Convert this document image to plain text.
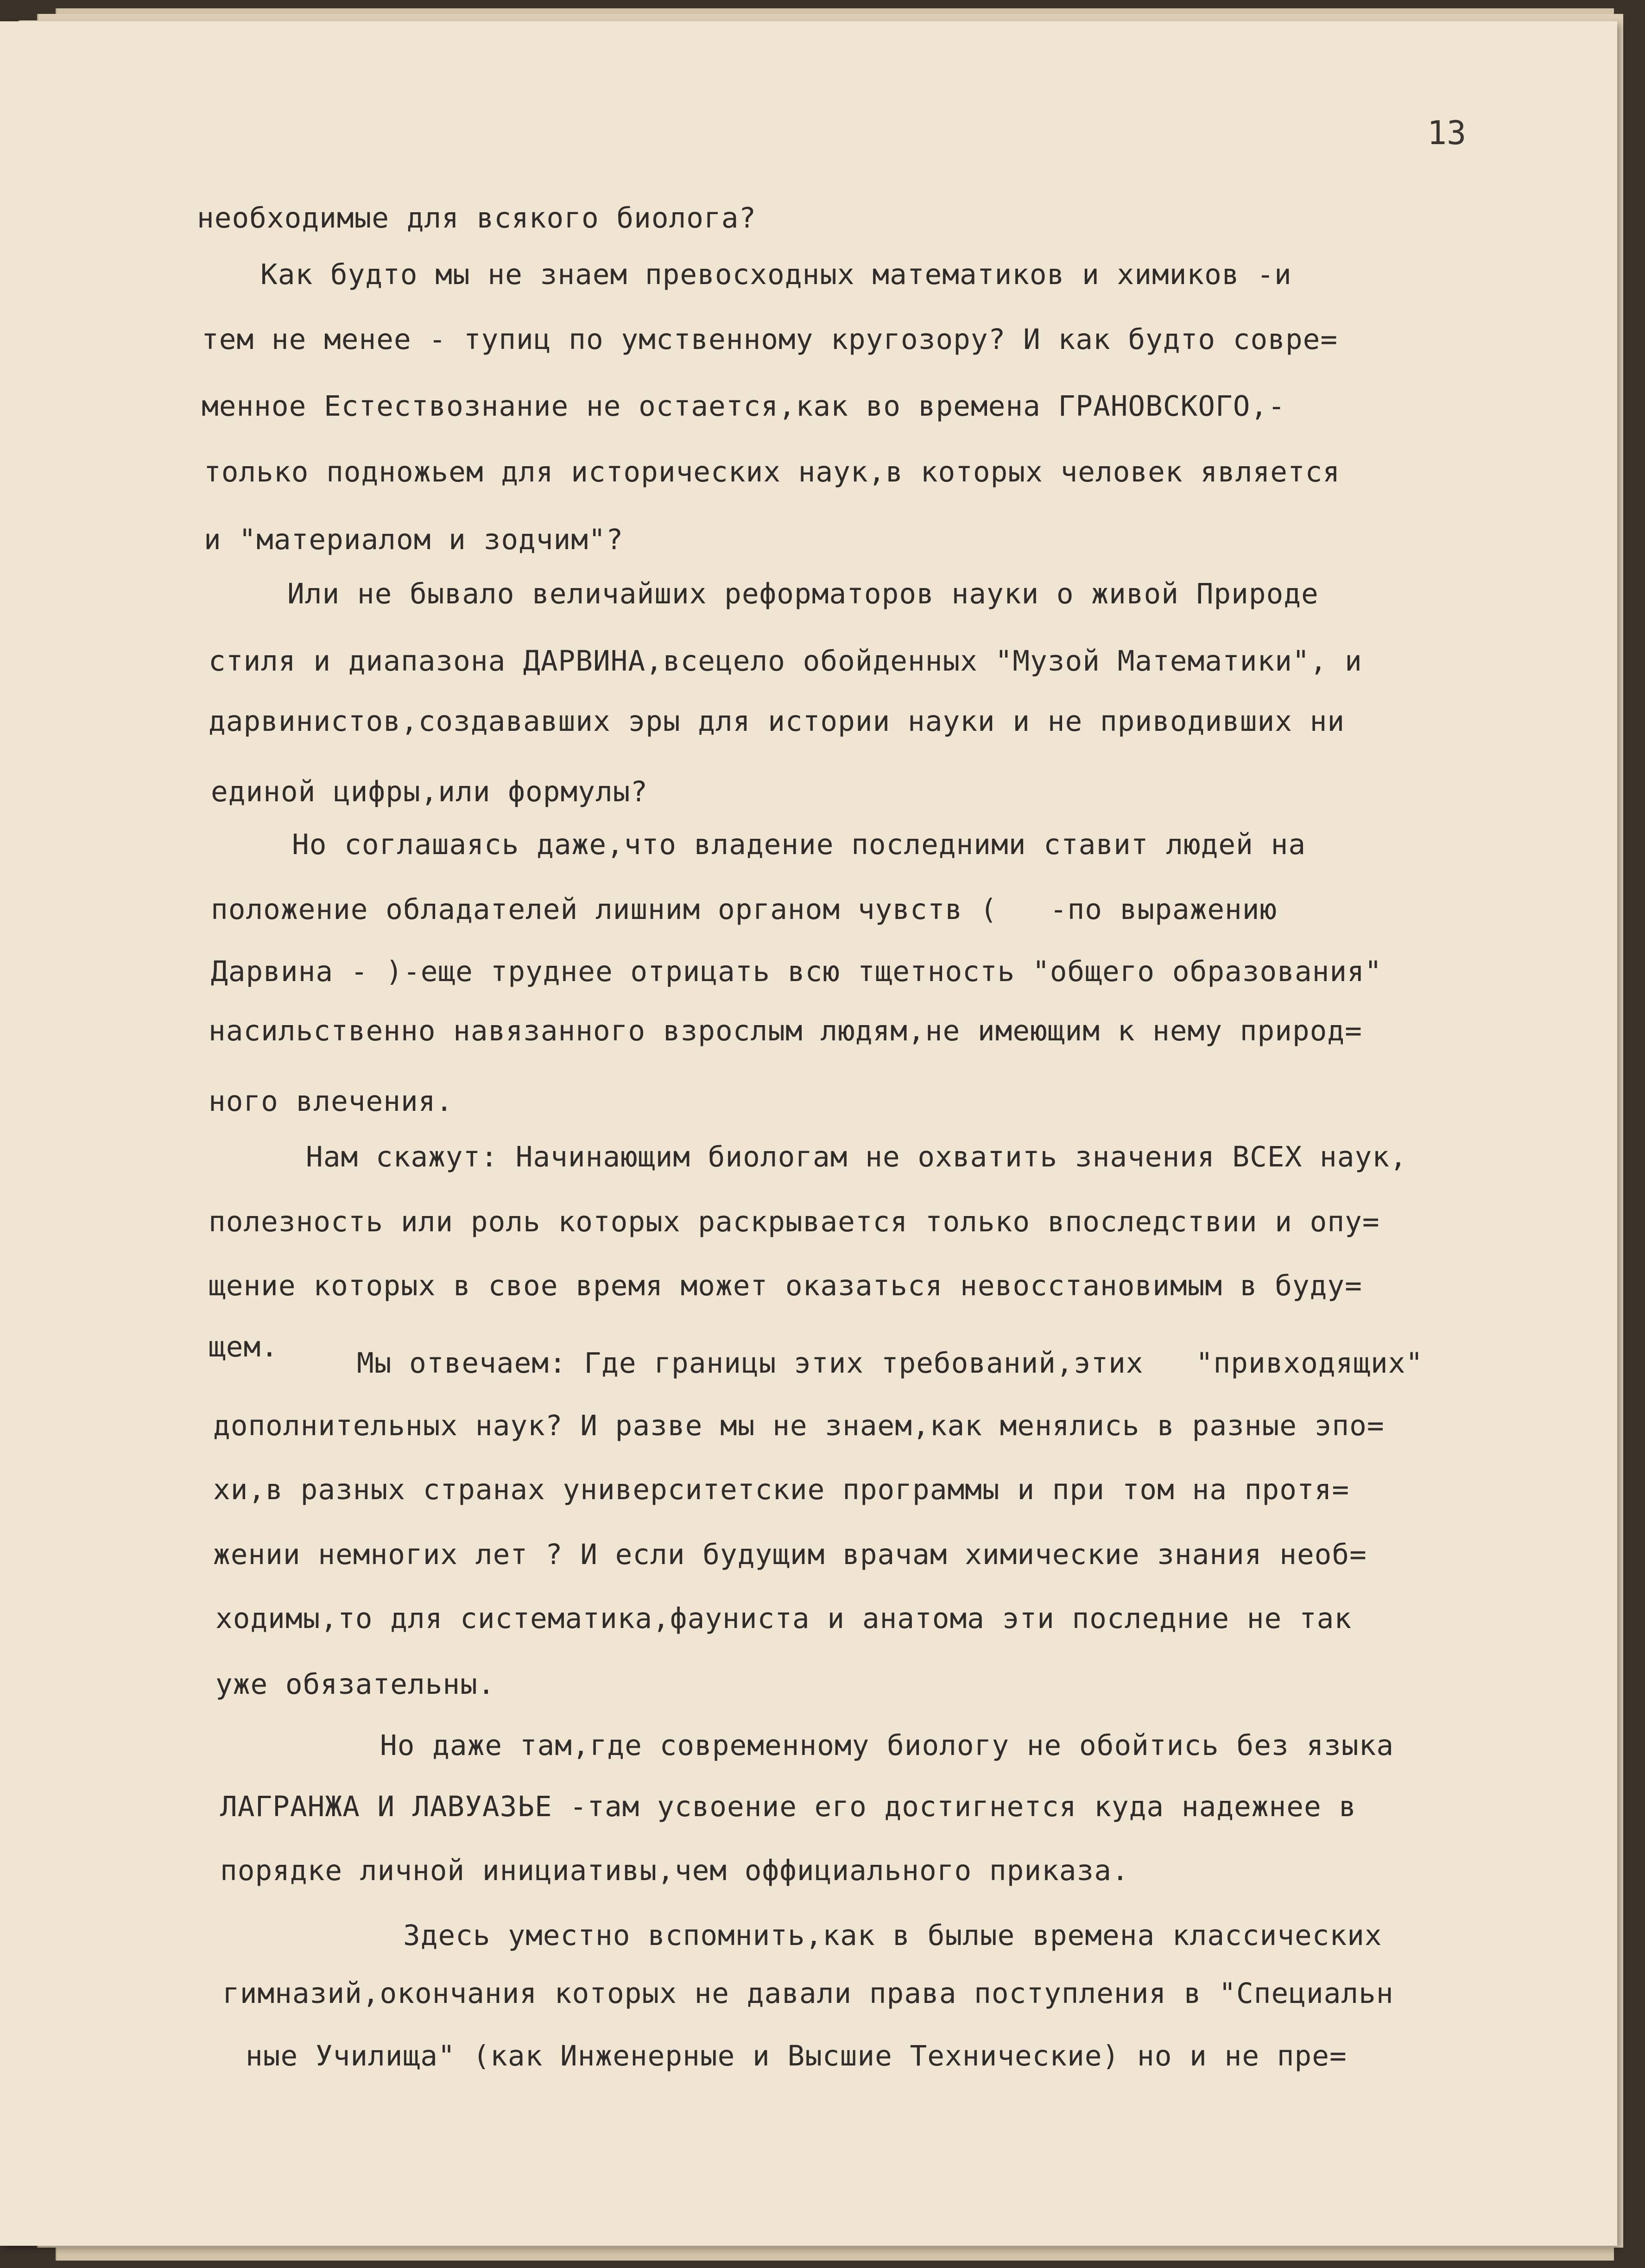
13
необходимые для всякого биолога?
Как будто мы не знаем превосходных математиков и химиков -и
тем не менее - тупиц по умственному кругозору? И как будто совре=
менное Естествознание не остается,как во времена ГРАНОВСКОГО,-
только подножьем для исторических наук,в которых человек является
и "материалом и зодчим"?
Или не бывало величайших реформаторов науки о живой Природе
стиля и диапазона ДАРВИНА,всецело обойденных "Музой Математики", и
дарвинистов,создававших эры для истории науки и не приводивших ни
единой цифры,или формулы?
Но соглашаясь даже,что владение последними ставит людей на
положение обладателей лишним органом чувств (   -по выражению
Дарвина - )-еще труднее отрицать всю тщетность "общего образования"
насильственно навязанного взрослым людям,не имеющим к нему природ=
ного влечения.
Нам скажут: Начинающим биологам не охватить значения ВСЕХ наук,
полезность или роль которых раскрывается только впоследствии и опу=
щение которых в свое время может оказаться невосстановимым в буду=
щем.	Мы отвечаем: Где границы этих требований,этих   "привходящих"
дополнительных наук? И разве мы не знаем,как менялись в разные эпо=
хи,в разных странах университетские программы и при том на протя=
жении немногих лет ? И если будущим врачам химические знания необ=
ходимы,то для систематика,фауниста и анатома эти последние не так
уже обязательны.
Но даже там,где современному биологу не обойтись без языка
ЛАГРАНЖА И ЛАВУАЗЬЕ -там усвоение его достигнется куда надежнее в
порядке личной инициативы,чем оффициального приказа.
Здесь уместно вспомнить,как в былые времена классических
гимназий,окончания которых не давали права поступления в "Специальн
ные Училища" (как Инженерные и Высшие Технические) но и не пре=
